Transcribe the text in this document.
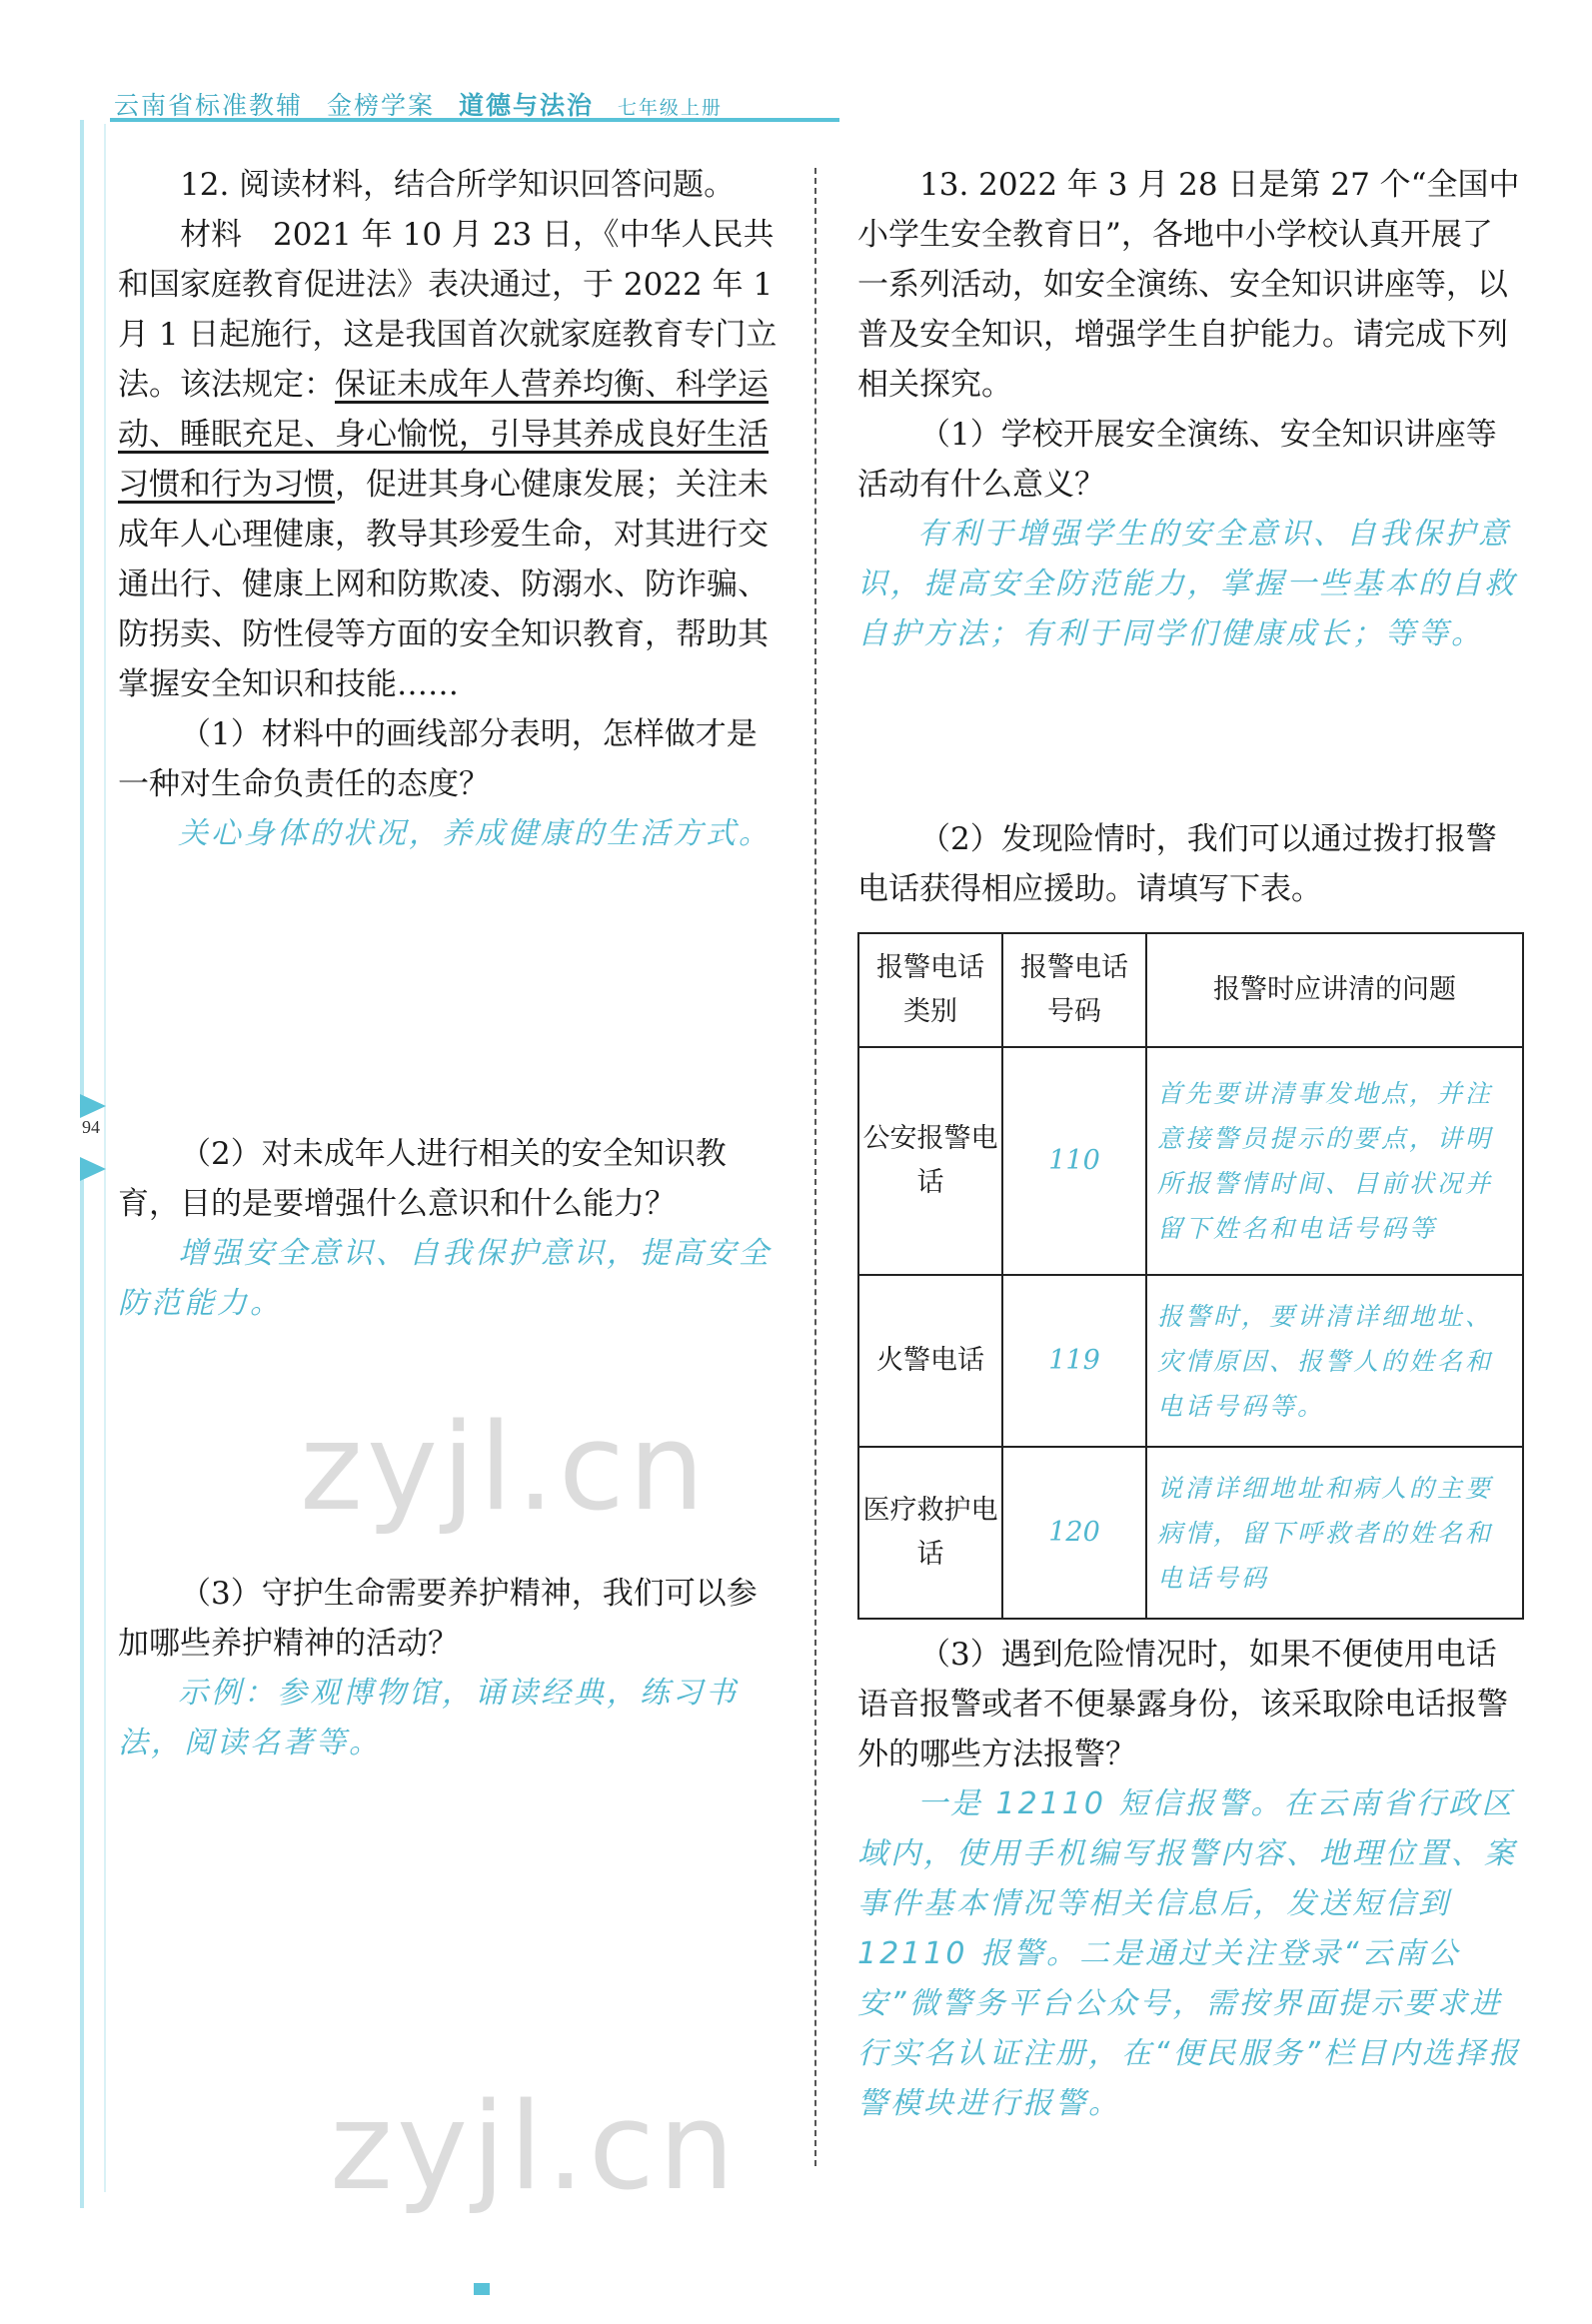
云南省标准教辅 金榜学案 道德与法治 七年级上册
94

12. 阅读材料，结合所学知识回答问题。

材料　2021 年 10 月 23 日，《中华人民共和国家庭教育促进法》表决通过，于 2022 年 1 月 1 日起施行，这是我国首次就家庭教育专门立法。该法规定：保证未成年人营养均衡、科学运动、睡眠充足、身心愉悦，引导其养成良好生活习惯和行为习惯，促进其身心健康发展；关注未成年人心理健康，教导其珍爱生命，对其进行交通出行、健康上网和防欺凌、防溺水、防诈骗、防拐卖、防性侵等方面的安全知识教育，帮助其掌握安全知识和技能……

（1）材料中的画线部分表明，怎样做才是一种对生命负责任的态度？

关心身体的状况，养成健康的生活方式。

（2）对未成年人进行相关的安全知识教育，目的是要增强什么意识和什么能力？

增强安全意识、自我保护意识，提高安全防范能力。

（3）守护生命需要养护精神，我们可以参加哪些养护精神的活动？

示例：参观博物馆，诵读经典，练习书法，阅读名著等。

13. 2022 年 3 月 28 日是第 27 个“全国中小学生安全教育日”，各地中小学校认真开展了一系列活动，如安全演练、安全知识讲座等，以普及安全知识，增强学生自护能力。请完成下列相关探究。

（1）学校开展安全演练、安全知识讲座等活动有什么意义？

有利于增强学生的安全意识、自我保护意识，提高安全防范能力，掌握一些基本的自救自护方法；有利于同学们健康成长；等等。

（2）发现险情时，我们可以通过拨打报警电话获得相应援助。请填写下表。

报警电话类别	报警电话号码	报警时应讲清的问题
公安报警电话	110	首先要讲清事发地点，并注意接警员提示的要点，讲明所报警情时间、目前状况并留下姓名和电话号码等
火警电话	119	报警时，要讲清详细地址、灾情原因、报警人的姓名和电话号码等。
医疗救护电话	120	说清详细地址和病人的主要病情，留下呼救者的姓名和电话号码

（3）遇到危险情况时，如果不便使用电话语音报警或者不便暴露身份，该采取除电话报警外的哪些方法报警？

一是 12110 短信报警。在云南省行政区域内，使用手机编写报警内容、地理位置、案事件基本情况等相关信息后，发送短信到 12110 报警。二是通过关注登录“云南公安”微警务平台公众号，需按界面提示要求进行实名认证注册，在“便民服务”栏目内选择报警模块进行报警。

zyjl.cn
zyjl.cn
